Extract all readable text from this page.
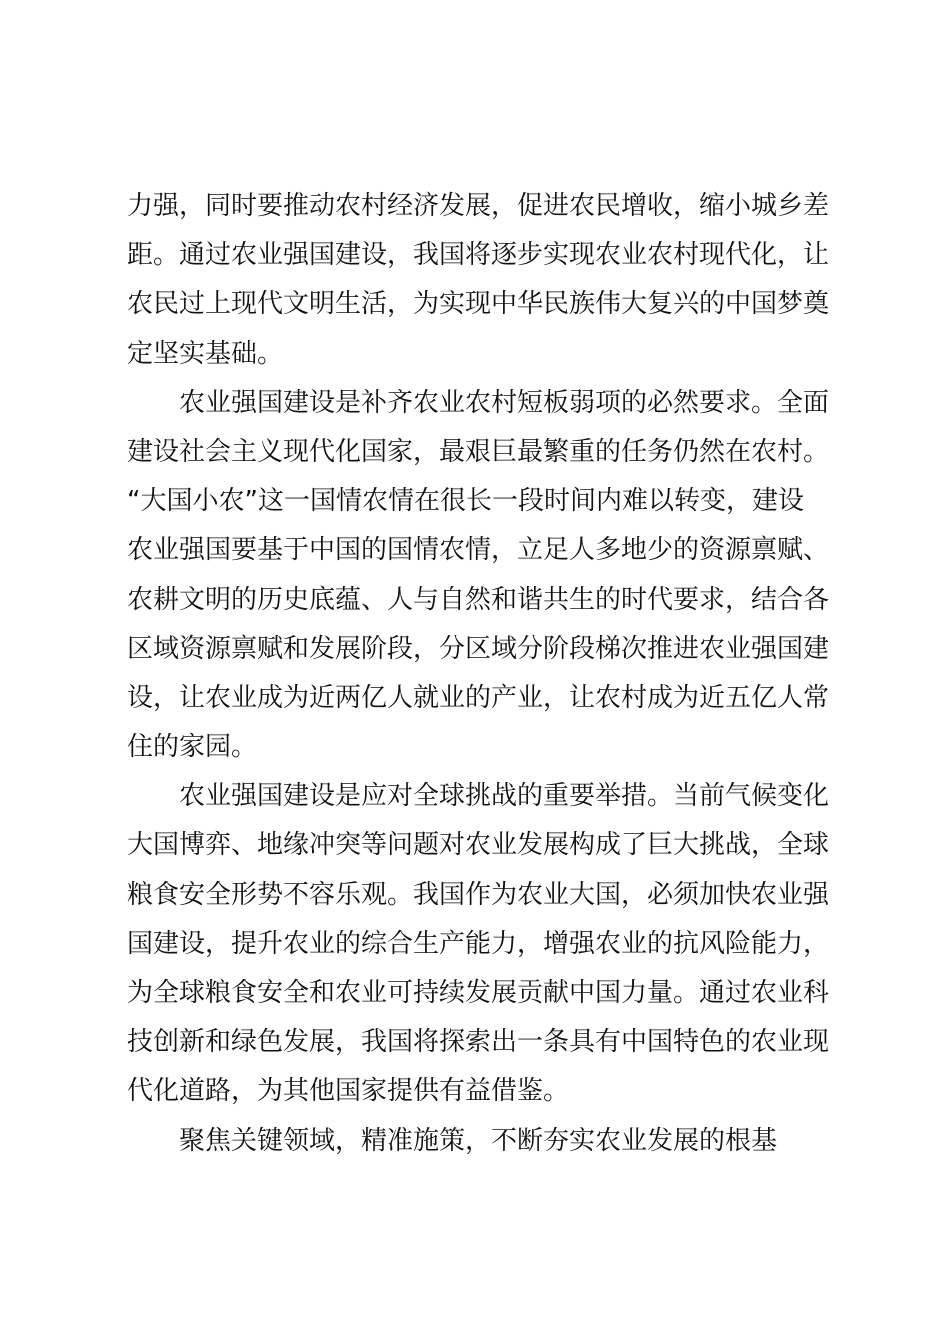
力强，同时要推动农村经济发展，促进农民增收，缩小城乡差
距。通过农业强国建设，我国将逐步实现农业农村现代化，让
农民过上现代文明生活，为实现中华民族伟大复兴的中国梦奠
定坚实基础。
农业强国建设是补齐农业农村短板弱项的必然要求。全面
建设社会主义现代化国家，最艰巨最繁重的任务仍然在农村。
“大国小农”这一国情农情在很长一段时间内难以转变，建设
农业强国要基于中国的国情农情，立足人多地少的资源禀赋、
农耕文明的历史底蕴、人与自然和谐共生的时代要求，结合各
区域资源禀赋和发展阶段，分区域分阶段梯次推进农业强国建
设，让农业成为近两亿人就业的产业，让农村成为近五亿人常
住的家园。
农业强国建设是应对全球挑战的重要举措。当前气候变化
大国博弈、地缘冲突等问题对农业发展构成了巨大挑战，全球
粮食安全形势不容乐观。我国作为农业大国，必须加快农业强
国建设，提升农业的综合生产能力，增强农业的抗风险能力，
为全球粮食安全和农业可持续发展贡献中国力量。通过农业科
技创新和绿色发展，我国将探索出一条具有中国特色的农业现
代化道路，为其他国家提供有益借鉴。
聚焦关键领域，精准施策，不断夯实农业发展的根基
